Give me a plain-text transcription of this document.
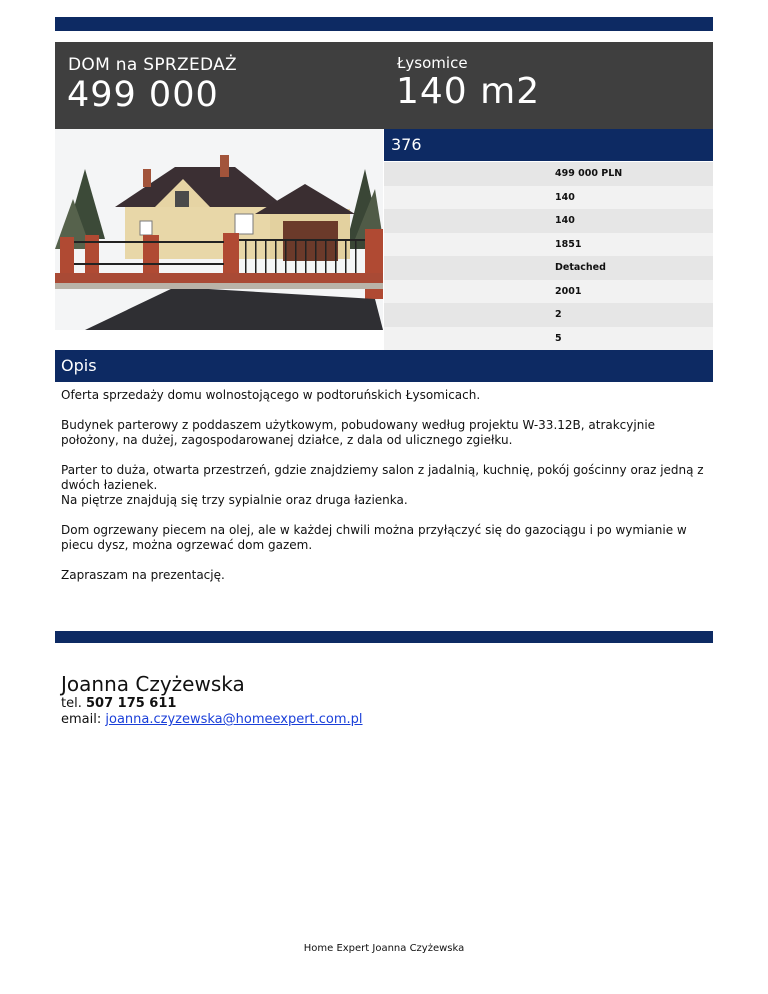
DOM na SPRZEDAŻ
499 000
Łysomice
140 m2
376
499 000 PLN
140
140
1851
Detached
2001
2
5
Opis

Oferta sprzedaży domu wolnostojącego w podtoruńskich Łysomicach.

Budynek parterowy z poddaszem użytkowym, pobudowany według projektu W-33.12B, atrakcyjnie położony, na dużej, zagospodarowanej działce, z dala od ulicznego zgiełku.

Parter to duża, otwarta przestrzeń, gdzie znajdziemy salon z jadalnią, kuchnię, pokój gościnny oraz jedną z dwóch łazienek.
Na piętrze znajdują się trzy sypialnie oraz druga łazienka.

Dom ogrzewany piecem na olej, ale w każdej chwili można przyłączyć się do gazociągu i po wymianie w piecu dysz, można ogrzewać dom gazem.

Zapraszam na prezentację.

Joanna Czyżewska
tel. 507 175 611
email: joanna.czyzewska@homeexpert.com.pl
Home Expert Joanna Czyżewska
